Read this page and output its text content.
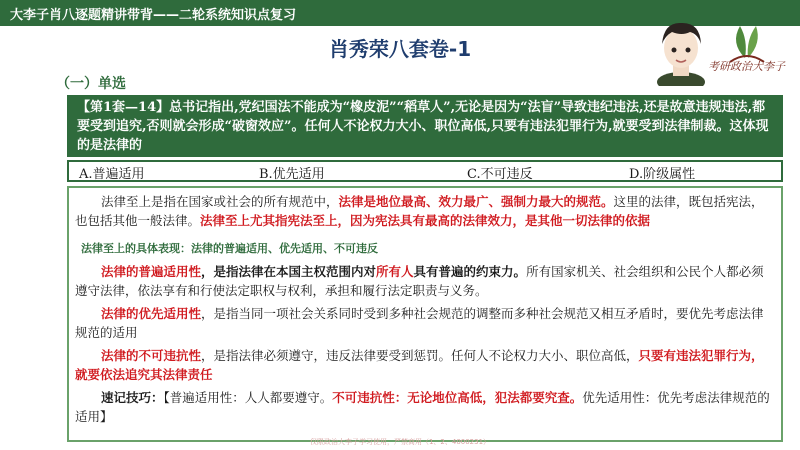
大李子肖八逐题精讲带背——二轮系统知识点复习
肖秀荣八套卷-1
考研政治大李子
（一）单选
【第1套—14】总书记指出,党纪国法不能成为“橡皮泥”“稻草人”,无论是因为“法盲”导致违纪违法,还是故意违规违法,都要受到追究,否则就会形成“破窗效应”。任何人不论权力大小、职位高低,只要有违法犯罪行为,就要受到法律制裁。这体现的是法律的
A.普遍适用	B.优先适用	C.不可违反	D.阶级属性
法律至上是指在国家或社会的所有规范中，法律是地位最高、效力最广、强制力最大的规范。这里的法律，既包括宪法，也包括其他一般法律。法律至上尤其指宪法至上，因为宪法具有最高的法律效力，是其他一切法律的依据
法律至上的具体表现：法律的普遍适用、优先适用、不可违反
法律的普遍适用性，是指法律在本国主权范围内对所有人具有普遍的约束力。所有国家机关、社会组织和公民个人都必须遵守法律，依法享有和行使法定职权与权利，承担和履行法定职责与义务。
法律的优先适用性，是指当同一项社会关系同时受到多种社会规范的调整而多种社会规范又相互矛盾时，要优先考虑法律规范的适用
法律的不可违抗性，是指法律必须遵守，违反法律要受到惩罚。任何人不论权力大小、职位高低，只要有违法犯罪行为，就要依法追究其法律责任
速记技巧：【普遍适用性：人人都要遵守。不可违抗性：无论地位高低，犯法都要究查。优先适用性：优先考虑法律规范的适用】
仅限政治大李子学习使用，严禁商用（1、2、4000231）
